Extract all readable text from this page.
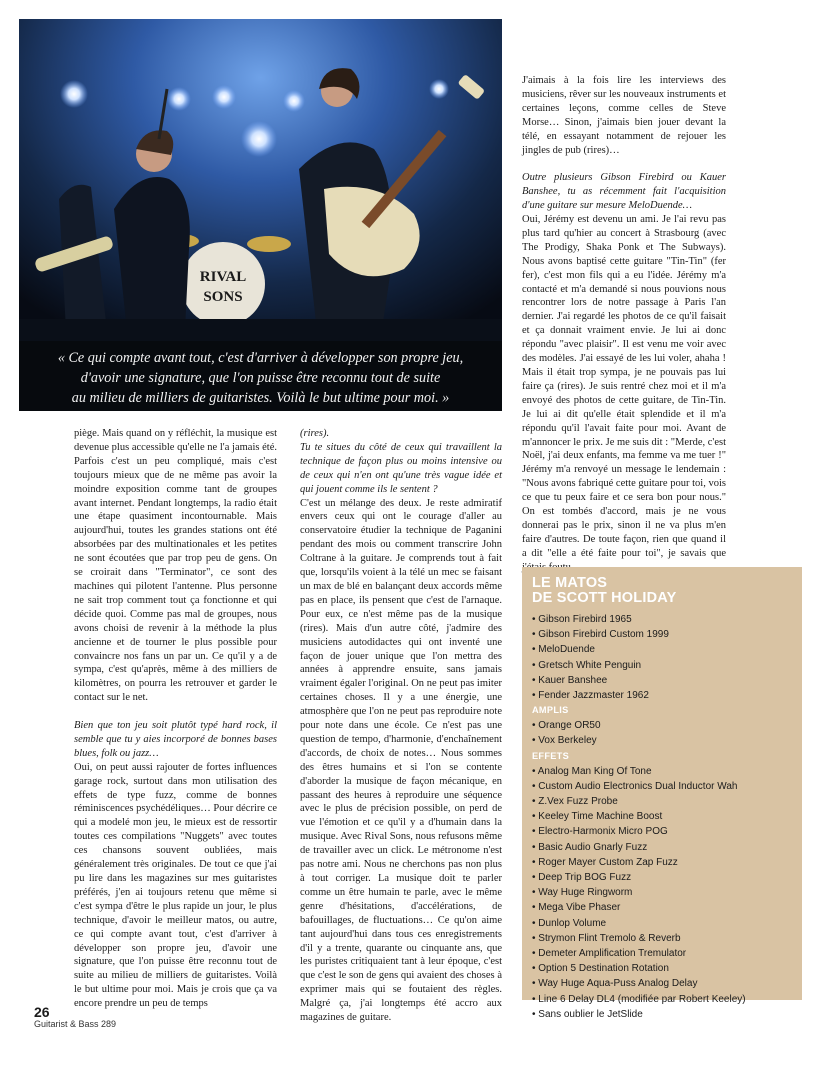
RIVAL
SONS
« Ce qui compte avant tout, c'est d'arriver à développer son propre jeu,
d'avoir une signature, que l'on puisse être reconnu tout de suite
au milieu de milliers de guitaristes. Voilà le but ultime pour moi. »

piège. Mais quand on y réfléchit, la musique est devenue plus accessible qu'elle ne l'a jamais été. Parfois c'est un peu compliqué, mais c'est toujours mieux que de ne même pas avoir la moindre exposition comme tant de groupes avant internet. Pendant longtemps, la radio était une étape quasiment incontournable. Mais aujourd'hui, toutes les grandes stations ont été absorbées par des multinationales et les petites ne sont écoutées que par trop peu de gens. On se croirait dans "Terminator", ce sont des machines qui pilotent l'antenne. Plus personne ne sait trop comment tout ça fonctionne et qui décide quoi. Comme pas mal de groupes, nous avons choisi de revenir à la méthode la plus ancienne et de tourner le plus possible pour convaincre nos fans un par un. Ce qu'il y a de sympa, c'est qu'après, même à des milliers de kilomètres, on pourra les retrouver et garder le contact sur le net.

Bien que ton jeu soit plutôt typé hard rock, il semble que tu y aies incorporé de bonnes bases blues, folk ou jazz…

Oui, on peut aussi rajouter de fortes influences garage rock, surtout dans mon utilisation des effets de type fuzz, comme de bonnes réminiscences psychédéliques… Pour décrire ce qui a modelé mon jeu, le mieux est de ressortir toutes ces compilations "Nuggets" avec toutes ces chansons souvent oubliées, mais généralement très originales. De tout ce que j'ai pu lire dans les magazines sur mes guitaristes préférés, j'en ai toujours retenu que même si c'est sympa d'être le plus rapide un jour, le plus technique, d'avoir le meilleur matos, ou autre, ce qui compte avant tout, c'est d'arriver à développer son propre jeu, d'avoir une signature, que l'on puisse être reconnu tout de suite au milieu de milliers de guitaristes. Voilà le but ultime pour moi. Mais je crois que ça va encore prendre un peu de temps

(rires).

Tu te situes du côté de ceux qui travaillent la technique de façon plus ou moins intensive ou de ceux qui n'en ont qu'une très vague idée et qui jouent comme ils le sentent ?

C'est un mélange des deux. Je reste admiratif envers ceux qui ont le courage d'aller au conservatoire étudier la technique de Paganini pendant des mois ou comment transcrire John Coltrane à la guitare. Je comprends tout à fait que, lorsqu'ils voient à la télé un mec se faisant un max de blé en balançant deux accords même pas en place, ils pensent que c'est de l'arnaque. Pour eux, ce n'est même pas de la musique (rires). Mais d'un autre côté, j'admire des musiciens autodidactes qui ont inventé une façon de jouer unique que l'on mettra des années à apprendre ensuite, sans jamais vraiment égaler l'original. On ne peut pas imiter certaines choses. Il y a une énergie, une atmosphère que l'on ne peut pas reproduire note pour note dans une école. Ce n'est pas une question de tempo, d'harmonie, d'enchaînement d'accords, de choix de notes… Nous sommes des êtres humains et si l'on se contente d'aborder la musique de façon mécanique, en passant des heures à reproduire une séquence avec le plus de précision possible, on perd de vue l'émotion et ce qu'il y a d'humain dans la musique. Avec Rival Sons, nous refusons même de travailler avec un click. Le métronome n'est pas notre ami. Nous ne cherchons pas non plus à tout corriger. La musique doit te parler comme un être humain te parle, avec le même genre d'hésitations, d'accélérations, de bafouillages, de fluctuations… Ce qu'on aime tant aujourd'hui dans tous ces enregistrements d'il y a trente, quarante ou cinquante ans, que les puristes critiquaient tant à leur époque, c'est que c'est le son de gens qui avaient des choses à exprimer mais qui se foutaient des règles. Malgré ça, j'ai longtemps été accro aux magazines de guitare.

J'aimais à la fois lire les interviews des musiciens, rêver sur les nouveaux instruments et certaines leçons, comme celles de Steve Morse… Sinon, j'aimais bien jouer devant la télé, en essayant notamment de rejouer les jingles de pub (rires)…

Outre plusieurs Gibson Firebird ou Kauer Banshee, tu as récemment fait l'acquisition d'une guitare sur mesure MeloDuende…

Oui, Jérémy est devenu un ami. Je l'ai revu pas plus tard qu'hier au concert à Strasbourg (avec The Prodigy, Shaka Ponk et The Subways). Nous avons baptisé cette guitare "Tin-Tin" (fer fer), c'est mon fils qui a eu l'idée. Jérémy m'a contacté et m'a demandé si nous pouvions nous rencontrer lors de notre passage à Paris l'an dernier. J'ai regardé les photos de ce qu'il faisait et ça donnait vraiment envie. Je lui ai donc répondu "avec plaisir". Il est venu me voir avec des modèles. J'ai essayé de les lui voler, ahaha ! Mais il était trop sympa, je ne pouvais pas lui faire ça (rires). Je suis rentré chez moi et il m'a envoyé des photos de cette guitare, de Tin-Tin. Je lui ai dit qu'elle était splendide et il m'a répondu qu'il l'avait faite pour moi. Avant de m'annoncer le prix. Je me suis dit : "Merde, c'est Noël, j'ai deux enfants, ma femme va me tuer !" Jérémy m'a renvoyé un message le lendemain : "Nous avons fabriqué cette guitare pour toi, vois ce que tu peux faire et ce sera bon pour nous." On est tombés d'accord, mais je ne vous donnerai pas le prix, sinon il ne va plus m'en faire d'autres. De toute façon, rien que quand il a dit "elle a été faite pour toi", je savais que

LE MATOS
DE SCOTT HOLIDAY
• Gibson Firebird 1965
• Gibson Firebird Custom 1999
• MeloDuende
• Gretsch White Penguin
• Kauer Banshee
• Fender Jazzmaster 1962
AMPLIS
• Orange OR50
• Vox Berkeley
EFFETS
• Analog Man King Of Tone
• Custom Audio Electronics Dual Inductor Wah
• Z.Vex Fuzz Probe
• Keeley Time Machine Boost
• Electro-Harmonix Micro POG
• Basic Audio Gnarly Fuzz
• Roger Mayer Custom Zap Fuzz
• Deep Trip BOG Fuzz
• Way Huge Ringworm
• Mega Vibe Phaser
• Dunlop Volume
• Strymon Flint Tremolo & Reverb
• Demeter Amplification Tremulator
• Option 5 Destination Rotation
• Way Huge Aqua-Puss Analog Delay
• Line 6 Delay DL4 (modifiée par Robert Keeley)
• Sans oublier le JetSlide
26
Guitarist & Bass 289
